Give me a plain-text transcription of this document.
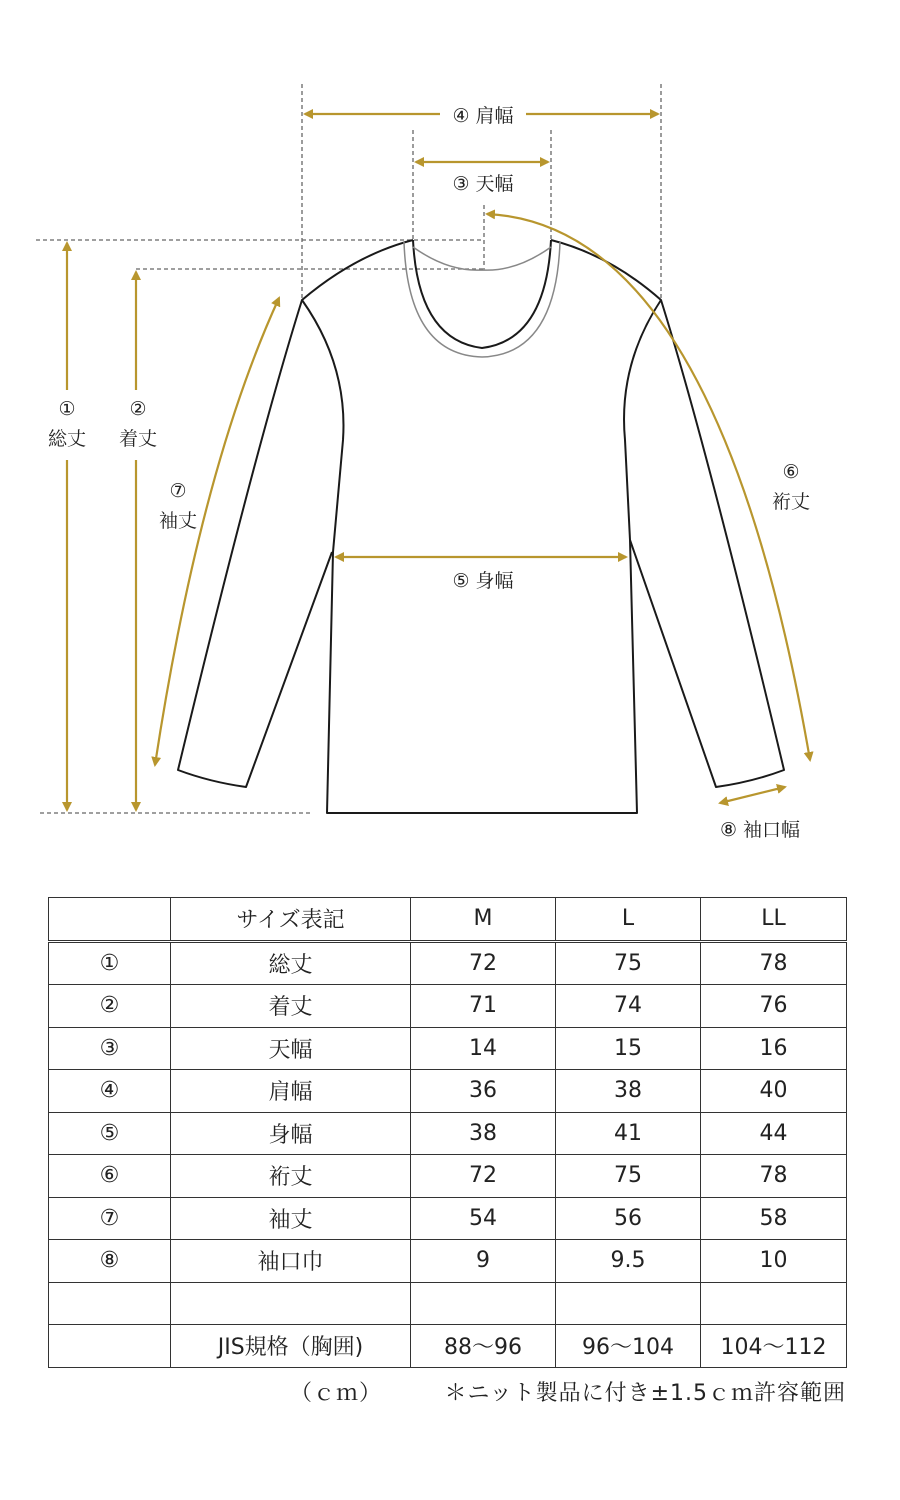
①
総丈
②
着丈
④ 肩幅
③ 天幅
⑤ 身幅
⑦
袖丈
⑥
裄丈
⑧ 袖口幅
	サイズ表記	M	L	LL
①	総丈	72	75	78
②	着丈	71	74	76
③	天幅	14	15	16
④	肩幅	36	38	40
⑤	身幅	38	41	44
⑥	裄丈	72	75	78
⑦	袖丈	54	56	58
⑧	袖口巾	9	9.5	10

	JIS規格（胸囲)	88〜96	96〜104	104〜112
（ｃｍ）	＊ニット製品に付き±1.5ｃｍ許容範囲
